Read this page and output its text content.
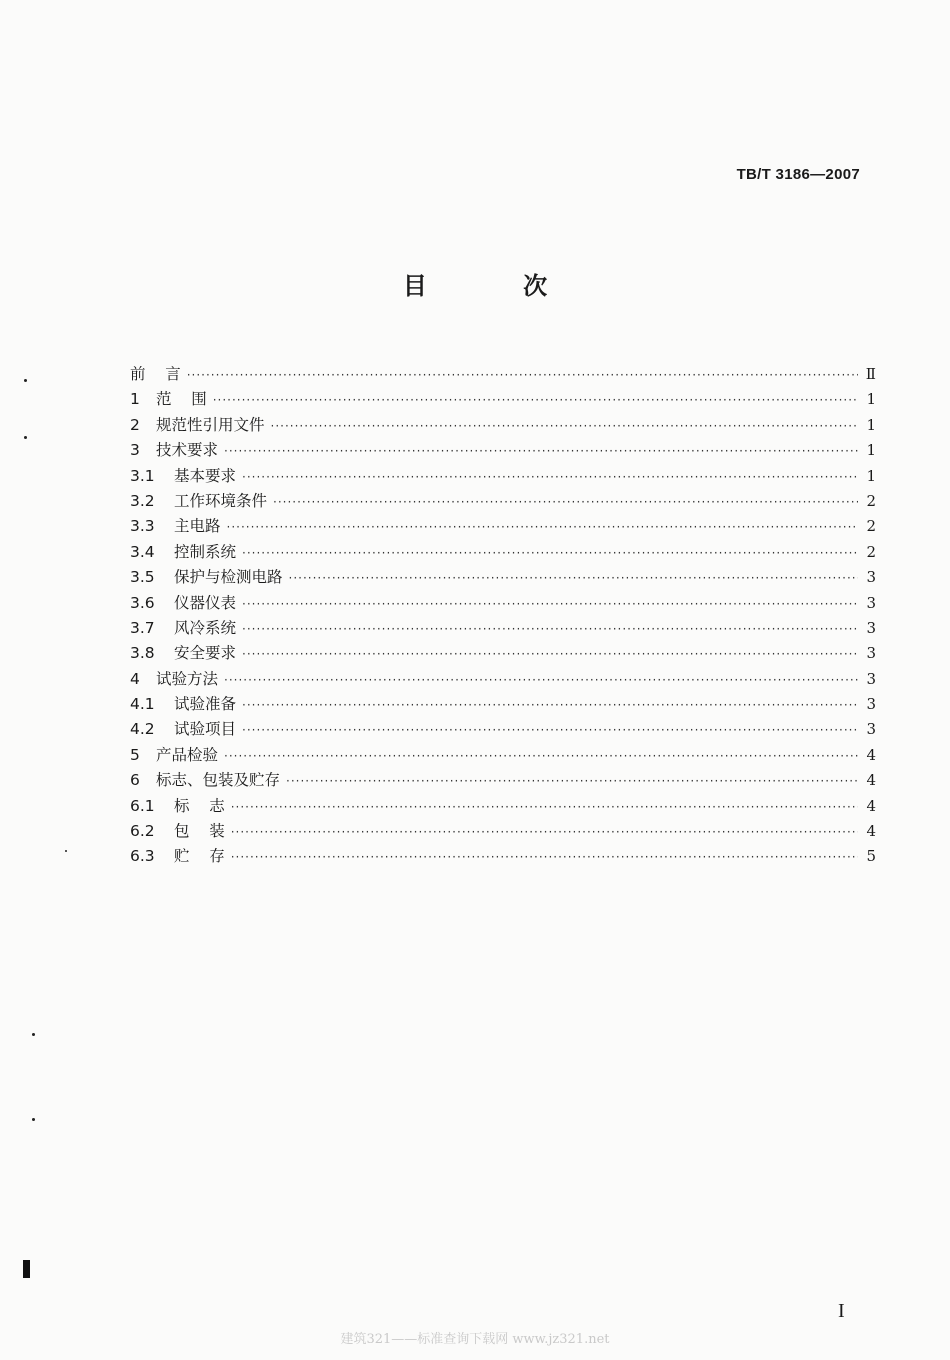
TB/T 3186—2007
目 次
前    言 ·····	Ⅱ
1	范    围 ·····	1
2	规范性引用文件 ·····	1
3	技术要求 ·····	1
3.1	基本要求 ·····	1
3.2	工作环境条件 ·····	2
3.3	主电路 ·····	2
3.4	控制系统 ·····	2
3.5	保护与检测电路 ·····	3
3.6	仪器仪表 ·····	3
3.7	风冷系统 ·····	3
3.8	安全要求 ·····	3
4	试验方法 ·····	3
4.1	试验准备 ·····	3
4.2	试验项目 ·····	3
5	产品检验 ·····	4
6	标志、包装及贮存 ·····	4
6.1	标    志 ·····	4
6.2	包    装 ·····	4
6.3	贮    存 ·····	5
I
建筑321——标准查询下载网 www.jz321.net
